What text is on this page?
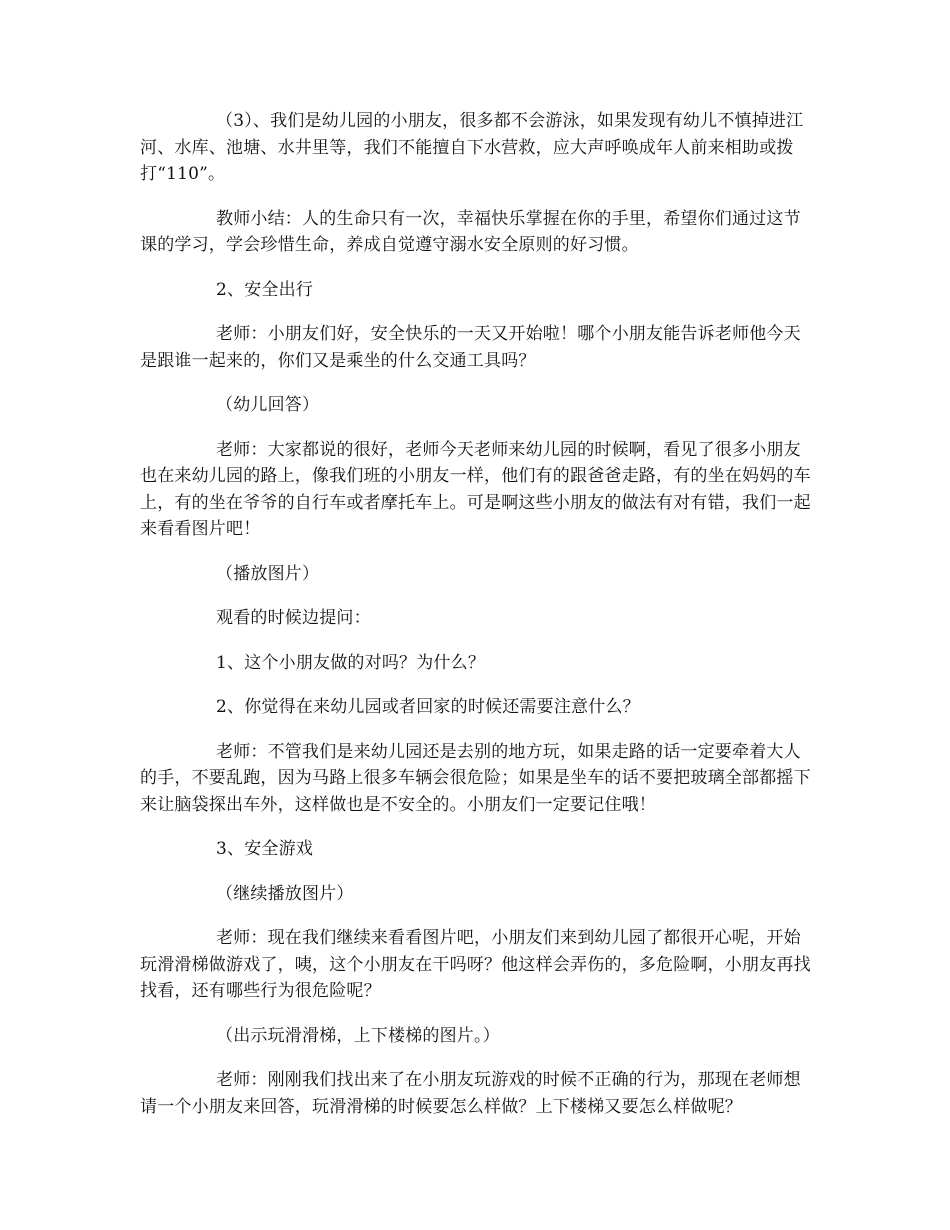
（3）、我们是幼儿园的小朋友，很多都不会游泳，如果发现有幼儿不慎掉进江河、水库、池塘、水井里等，我们不能擅自下水营救，应大声呼唤成年人前来相助或拨打“110”。

教师小结：人的生命只有一次，幸福快乐掌握在你的手里，希望你们通过这节课的学习，学会珍惜生命，养成自觉遵守溺水安全原则的好习惯。

2、安全出行

老师：小朋友们好，安全快乐的一天又开始啦！哪个小朋友能告诉老师他今天是跟谁一起来的，你们又是乘坐的什么交通工具吗？

（幼儿回答）

老师：大家都说的很好，老师今天老师来幼儿园的时候啊，看见了很多小朋友也在来幼儿园的路上，像我们班的小朋友一样，他们有的跟爸爸走路，有的坐在妈妈的车上，有的坐在爷爷的自行车或者摩托车上。可是啊这些小朋友的做法有对有错，我们一起来看看图片吧！

（播放图片）

观看的时候边提问：

1、这个小朋友做的对吗？为什么？

2、你觉得在来幼儿园或者回家的时候还需要注意什么？

老师：不管我们是来幼儿园还是去别的地方玩，如果走路的话一定要牵着大人的手，不要乱跑，因为马路上很多车辆会很危险；如果是坐车的话不要把玻璃全部都摇下来让脑袋探出车外，这样做也是不安全的。小朋友们一定要记住哦！

3、安全游戏

（继续播放图片）

老师：现在我们继续来看看图片吧，小朋友们来到幼儿园了都很开心呢，开始玩滑滑梯做游戏了，咦，这个小朋友在干吗呀？他这样会弄伤的，多危险啊，小朋友再找找看，还有哪些行为很危险呢？

（出示玩滑滑梯，上下楼梯的图片。）

老师：刚刚我们找出来了在小朋友玩游戏的时候不正确的行为，那现在老师想请一个小朋友来回答，玩滑滑梯的时候要怎么样做？上下楼梯又要怎么样做呢？
